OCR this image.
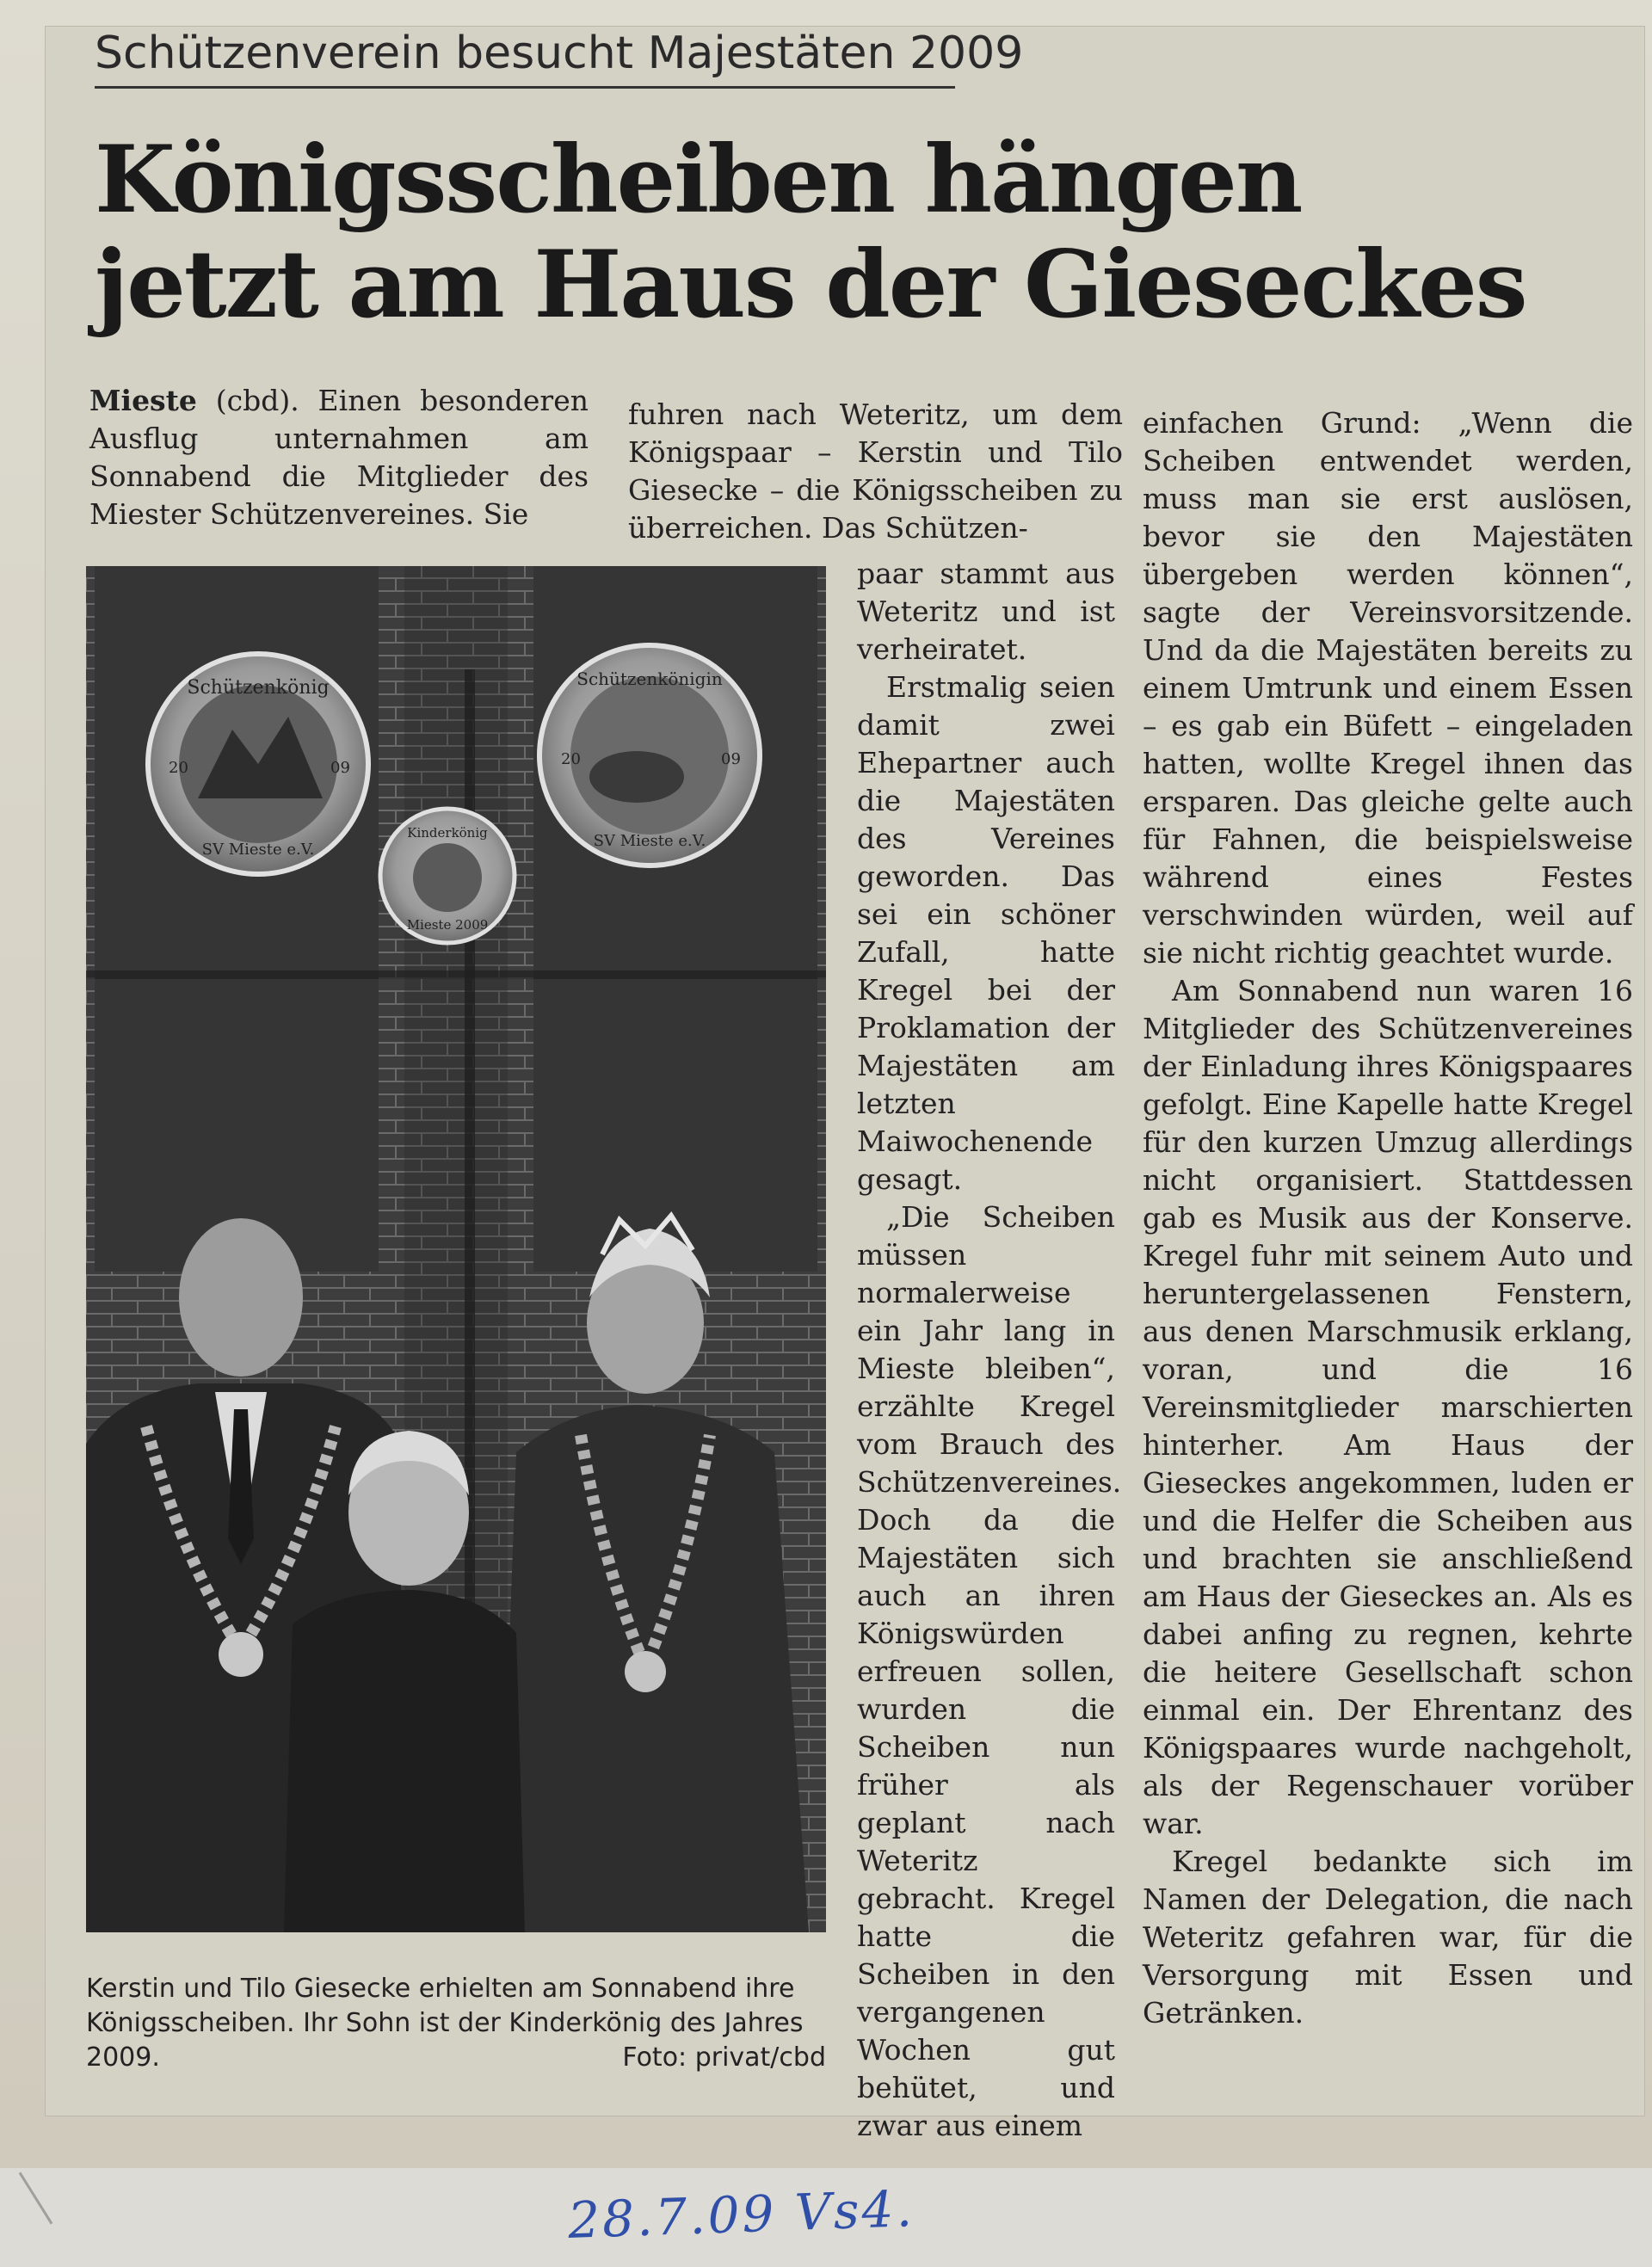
Schützenverein besucht Majestäten 2009
Königsscheiben hängen
jetzt am Haus der Gieseckes

Mieste (cbd). Einen besonderen Ausflug unternahmen am Sonnabend die Mitglieder des Miester Schützenvereines. Sie

fuhren nach Weteritz, um dem Königspaar – Kerstin und Tilo Giesecke – die Königsscheiben zu überreichen. Das Schützen-

Schützenkönig
SV Mieste e.V.
20	09
Schützenkönigin
SV Mieste e.V.
20	09
Kinderkönig
Mieste 2009

paar stammt aus Weteritz und ist verheiratet.

Erstmalig seien damit zwei Ehepartner auch die Majestäten des Vereines geworden. Das sei ein schöner Zufall, hatte Kregel bei der Proklamation der Majestäten am letzten Maiwochenende gesagt.

„Die Scheiben müssen normalerweise ein Jahr lang in Mieste bleiben“, erzählte Kregel vom Brauch des Schützenvereines. Doch da die Majestäten sich auch an ihren Königswürden erfreuen sollen, wurden die Scheiben nun früher als geplant nach Weteritz gebracht. Kregel hatte die Scheiben in den vergangenen Wochen gut behütet, und zwar aus einem

einfachen Grund: „Wenn die Scheiben entwendet werden, muss man sie erst auslösen, bevor sie den Majestäten übergeben werden können“, sagte der Vereinsvorsitzende. Und da die Majestäten bereits zu einem Umtrunk und einem Essen – es gab ein Büfett – eingeladen hatten, wollte Kregel ihnen das ersparen. Das gleiche gelte auch für Fahnen, die beispielsweise während eines Festes verschwinden würden, weil auf sie nicht richtig geachtet wurde.

Am Sonnabend nun waren 16 Mitglieder des Schützenvereines der Einladung ihres Königspaares gefolgt. Eine Kapelle hatte Kregel für den kurzen Umzug allerdings nicht organisiert. Stattdessen gab es Musik aus der Konserve. Kregel fuhr mit seinem Auto und heruntergelassenen Fenstern, aus denen Marschmusik erklang, voran, und die 16 Vereinsmitglieder marschierten hinterher. Am Haus der Gieseckes angekommen, luden er und die Helfer die Scheiben aus und brachten sie anschließend am Haus der Gieseckes an. Als es dabei anfing zu regnen, kehrte die heitere Gesellschaft schon einmal ein. Der Ehrentanz des Königspaares wurde nachgeholt, als der Regenschauer vorüber war.

Kregel bedankte sich im Namen der Delegation, die nach Weteritz gefahren war, für die Versorgung mit Essen und Getränken.

Kerstin und Tilo Giesecke erhielten am Sonnabend ihre Königsscheiben. Ihr Sohn ist der Kinderkönig des Jahres 2009.	Foto: privat/cbd
28.7.09 Vs4.
